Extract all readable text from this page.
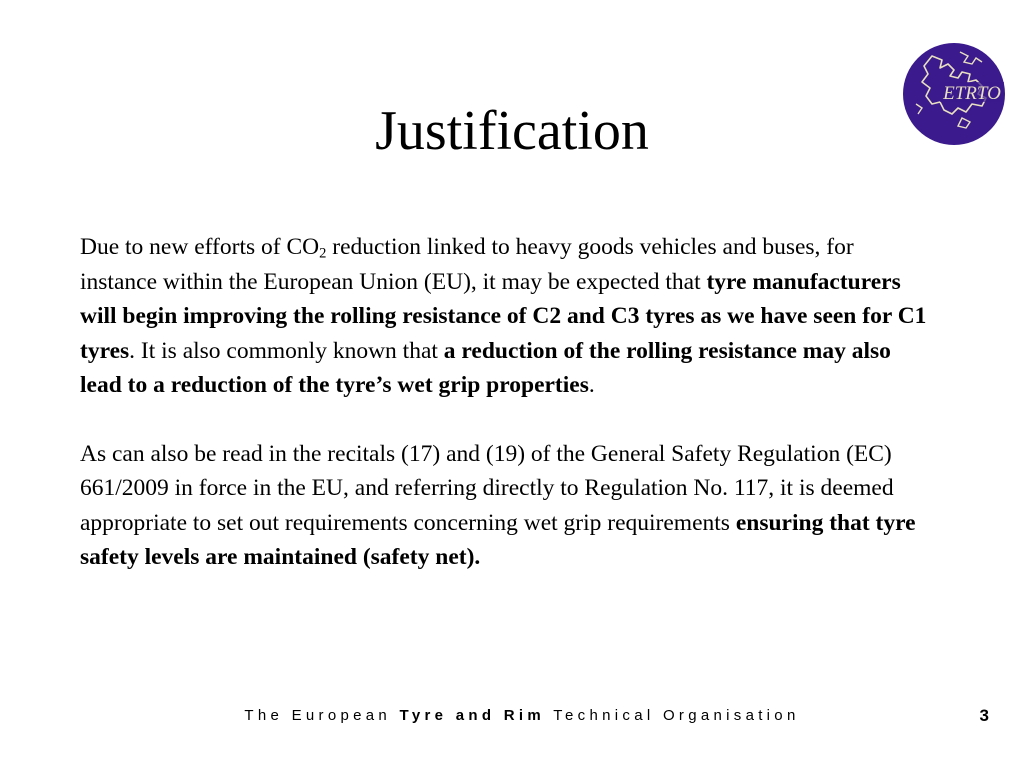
ETRTO
Justification

Due to new efforts of $CO_2$ reduction linked to heavy goods vehicles and buses, for instance within the European Union (EU), it may be expected that tyre manufacturers will begin improving the rolling resistance of C2 and C3 tyres as we have seen for C1 tyres. It is also commonly known that a reduction of the rolling resistance may also lead to a reduction of the tyre’s wet grip properties.

As can also be read in the recitals (17) and (19) of the General Safety Regulation (EC) 661/2009 in force in the EU, and referring directly to Regulation No. 117, it is deemed appropriate to set out requirements concerning wet grip requirements ensuring that tyre safety levels are maintained (safety net).

The European Tyre and Rim Technical Organisation	3
